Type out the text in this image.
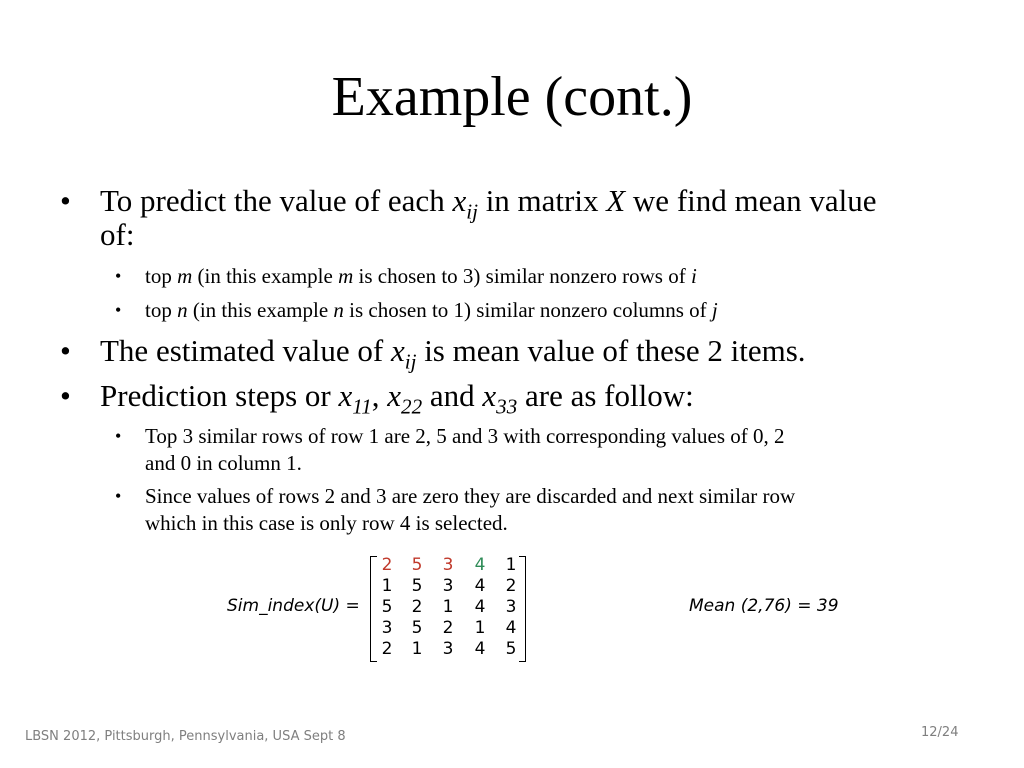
Example (cont.)
• To predict the value of each $x_{ij}$ in matrix X we find mean value
of:
• top m (in this example m is chosen to 3) similar nonzero rows of i
• top n (in this example n is chosen to 1) similar nonzero columns of j
• The estimated value of $x_{ij}$ is mean value of these 2 items.
• Prediction steps or $x_{11}$, $x_{22}$ and $x_{33}$ are as follow:
• Top 3 similar rows of row 1 are 2, 5 and 3 with corresponding values of 0, 2
and 0 in column 1.
• Since values of rows 2 and 3 are zero they are discarded and next similar row
which in this case is only row 4 is selected.
Sim_index(U) =
2 5 3 4 1
1 5 3 4 2
5 2 1 4 3
3 5 2 1 4
2 1 3 4 5
Mean (2,76) = 39
LBSN 2012, Pittsburgh, Pennsylvania, USA Sept 8	12/24
